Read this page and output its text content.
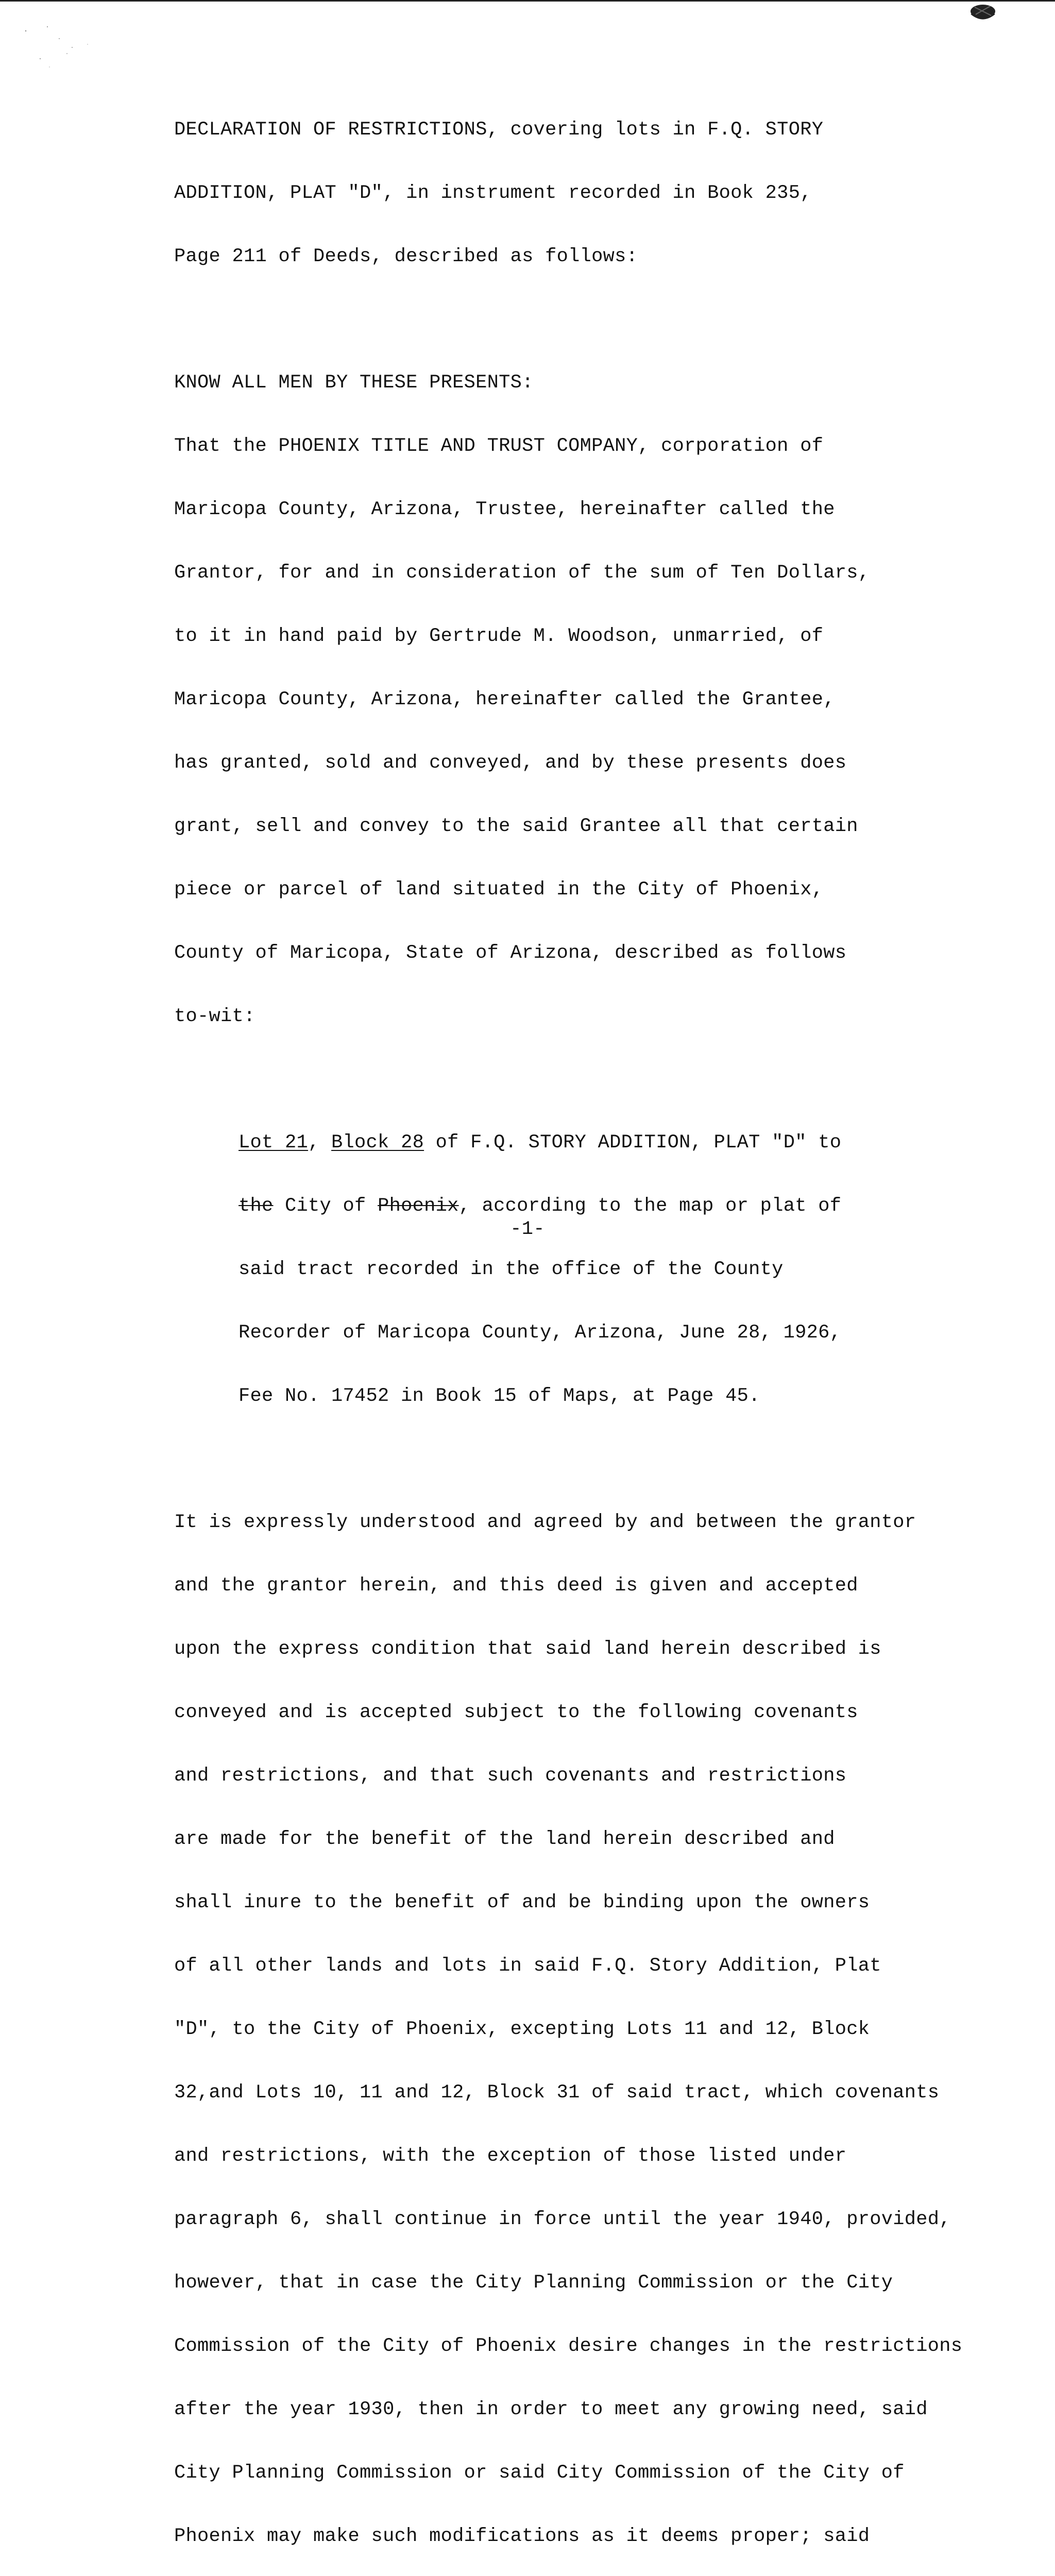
DECLARATION OF RESTRICTIONS, covering lots in F.Q. STORY

ADDITION, PLAT "D", in instrument recorded in Book 235,

Page 211 of Deeds, described as follows:

KNOW ALL MEN BY THESE PRESENTS:

That the PHOENIX TITLE AND TRUST COMPANY, corporation of

Maricopa County, Arizona, Trustee, hereinafter called the

Grantor, for and in consideration of the sum of Ten Dollars,

to it in hand paid by Gertrude M. Woodson, unmarried, of

Maricopa County, Arizona, hereinafter called the Grantee,

has granted, sold and conveyed, and by these presents does

grant, sell and convey to the said Grantee all that certain

piece or parcel of land situated in the City of Phoenix,

County of Maricopa, State of Arizona, described as follows

to-wit:

Lot 21, Block 28 of F.Q. STORY ADDITION, PLAT "D" to

the City of Phoenix, according to the map or plat of

said tract recorded in the office of the County

Recorder of Maricopa County, Arizona, June 28, 1926,

Fee No. 17452 in Book 15 of Maps, at Page 45.

It is expressly understood and agreed by and between the grantor

and the grantor herein, and this deed is given and accepted

upon the express condition that said land herein described is

conveyed and is accepted subject to the following covenants

and restrictions, and that such covenants and restrictions

are made for the benefit of the land herein described and

shall inure to the benefit of and be binding upon the owners

of all other lands and lots in said F.Q. Story Addition, Plat

"D", to the City of Phoenix, excepting Lots 11 and 12, Block

32,and Lots 10, 11 and 12, Block 31 of said tract, which covenants

and restrictions, with the exception of those listed under

paragraph 6, shall continue in force until the year 1940, provided,

however, that in case the City Planning Commission or the City

Commission of the City of Phoenix desire changes in the restrictions

after the year 1930, then in order to meet any growing need, said

City Planning Commission or said City Commission of the City of

Phoenix may make such modifications as it deems proper; said

-1-
